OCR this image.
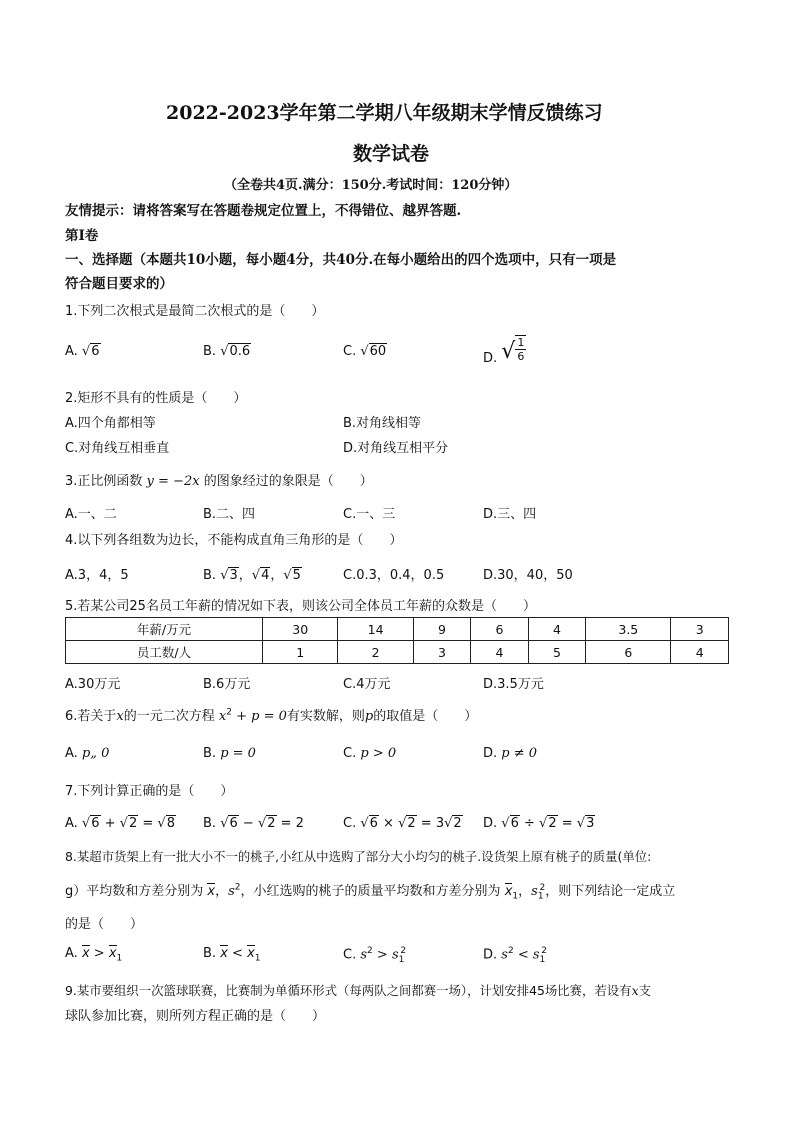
2022-2023学年第二学期八年级期末学情反馈练习
数学试卷
（全卷共4页.满分：150分.考试时间：120分钟）
友情提示：请将答案写在答题卷规定位置上，不得错位、越界答题.
第I卷
一、选择题（本题共10小题，每小题4分，共40分.在每小题给出的四个选项中，只有一项是
符合题目要求的）
1.下列二次根式是最简二次根式的是（　　）
A. √6	B. √0.6	C. √60	D. √ $\frac{1}{6}$
2.矩形不具有的性质是（　　）
A.四个角都相等	B.对角线相等
C.对角线互相垂直	D.对角线互相平分
3.正比例函数 y = −2x 的图象经过的象限是（　　）
A.一、二	B.二、四	C.一、三	D.三、四
4.以下列各组数为边长，不能构成直角三角形的是（　　）
A.3，4，5	B. √3，√4，√5	C.0.3，0.4，0.5	D.30，40，50
5.若某公司25名员工年薪的情况如下表，则该公司全体员工年薪的众数是（　　）
年薪/万元	30	14	9	6	4	3.5	3
员工数/人	1	2	3	4	5	6	4
A.30万元	B.6万元	C.4万元	D.3.5万元
6.若关于x的一元二次方程 $x^2 + p = 0$有实数解，则p的取值是（　　）
A. p„ 0	B. p = 0	C. p > 0	D. p ≠ 0
7.下列计算正确的是（　　）
A. √6 + √2 = √8 B. √6 − √2 = 2	C. √6 × √2 = 3√2 D. √6 ÷ √2 = √3
8.某超市货架上有一批大小不一的桃子,小红从中选购了部分大小均匀的桃子.设货架上原有桃子的质量(单位:
g）平均数和方差分别为 x，$s^2$，小红选购的桃子的质量平均数和方差分别为 $x_1$，$s_1^2$，则下列结论一定成立
的是（　　）
A. $x > x_1$	B. $x < x_1$	C. $s^2 > s_1^2$	D. $s^2 < s_1^2$
9.某市要组织一次篮球联赛，比赛制为单循环形式（每两队之间都赛一场），计划安排45场比赛，若设有x支
球队参加比赛，则所列方程正确的是（　　）
